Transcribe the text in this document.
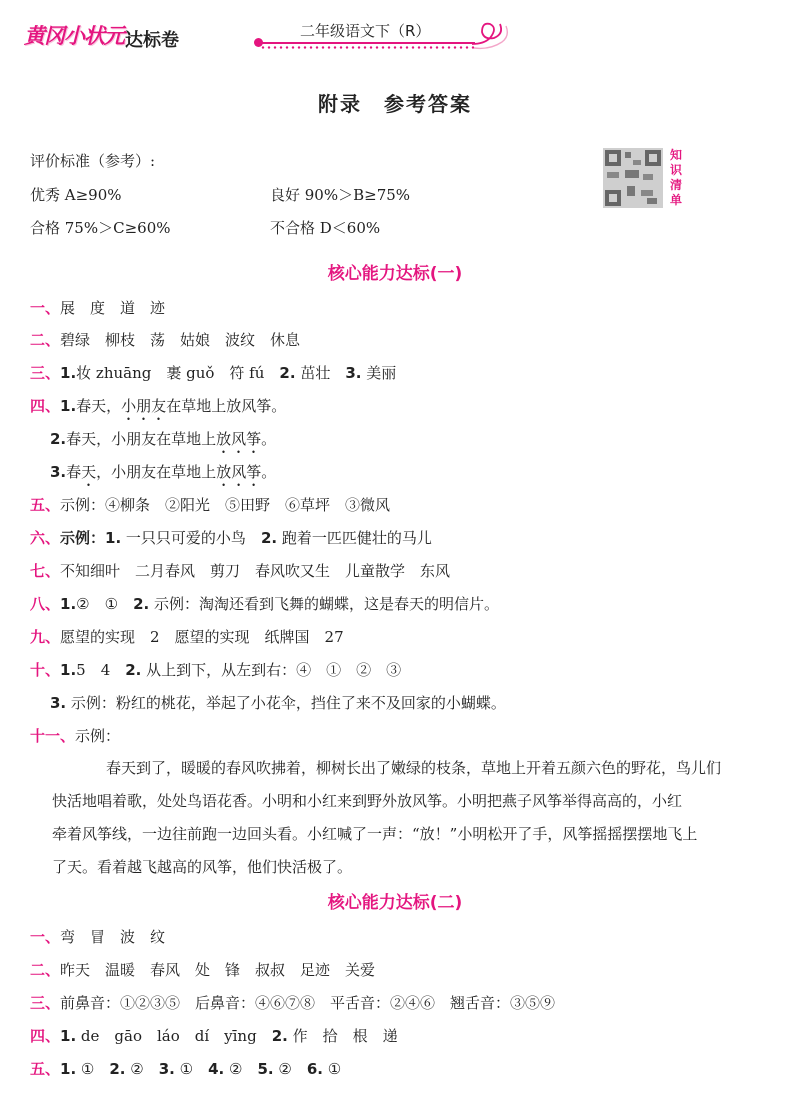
黄冈小状元 达标卷	二年级语文下（R）
附录 参考答案
评价标准（参考）:
优秀 A≥90%	良好 90%＞B≥75%
合格 75%＞C≥60%	不合格 D＜60%
知识清单
核心能力达标(一)
一、展　度　道　迹
二、碧绿　柳枝　荡　姑娘　波纹　休息
三、1.妆 zhuāng　裹 guǒ　符 fú　2. 茁壮　3. 美丽
四、1.春天，小朋友在草地上放风筝。
2.春天，小朋友在草地上放风筝。
3.春天，小朋友在草地上放风筝。
五、示例：④柳条　②阳光　⑤田野　⑥草坪　③微风
六、示例：1. 一只只可爱的小鸟　2. 跑着一匹匹健壮的马儿
七、不知细叶　二月春风　剪刀　春风吹又生　儿童散学　东风
八、1.②　①　2. 示例：淘淘还看到飞舞的蝴蝶，这是春天的明信片。
九、愿望的实现　2　愿望的实现　纸牌国　27
十、1.5　4　2. 从上到下，从左到右：④　①　②　③
3. 示例：粉红的桃花，举起了小花伞，挡住了来不及回家的小蝴蝶。
十一、示例：
春天到了，暖暖的春风吹拂着，柳树长出了嫩绿的枝条，草地上开着五颜六色的野花，鸟儿们
快活地唱着歌，处处鸟语花香。小明和小红来到野外放风筝。小明把燕子风筝举得高高的，小红
牵着风筝线，一边往前跑一边回头看。小红喊了一声：“放！”小明松开了手，风筝摇摇摆摆地飞上
了天。看着越飞越高的风筝，他们快活极了。
核心能力达标(二)
一、弯　冒　波　纹
二、昨天　温暖　春风　处　锋　叔叔　足迹　关爱
三、前鼻音：①②③⑤　后鼻音：④⑥⑦⑧　平舌音：②④⑥　翘舌音：③⑤⑨
四、1. de　gāo　láo　dí　yīng　2. 作　拾　根　递
五、1. ①　2. ②　3. ①　4. ②　5. ②　6. ①
